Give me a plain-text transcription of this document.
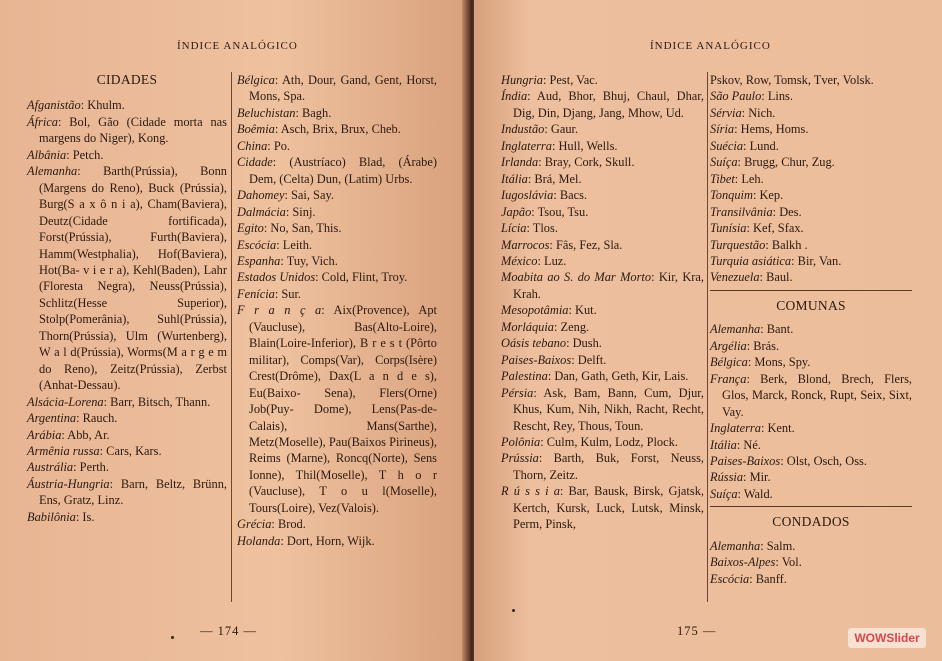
ÍNDICE ANALÓGICO

CIDADES

Afganistão: Khulm.

África: Bol, Gão (Cidade morta nas margens do Niger), Kong.

Albânia: Petch.

Alemanha: Barth(Prússia), Bonn (Margens do Reno), Buck (Prússia), Burg(S a x ô n i a), Cham(Baviera), Deutz(Cidade fortificada), Forst(Prússia), Furth(Baviera), Hamm(Westphalia), Hof(Baviera), Hot(Ba- v i e r a), Kehl(Baden), Lahr (Floresta Negra), Neuss(Prússia), Schlitz(Hesse Superior), Stolp(Pomerânia), Suhl(Prússia), Thorn(Prússia), Ulm (Wurtenberg), W a l d(Prússia), Worms(M a r g e m do Reno), Zeitz(Prússia), Zerbst (Anhat-Dessau).

Alsácia-Lorena: Barr, Bitsch, Thann.

Argentina: Rauch.

Arábia: Abb, Ar.

Armênia russa: Cars, Kars.

Austrália: Perth.

Áustria-Hungria: Barn, Beltz, Brünn, Ens, Gratz, Linz.

Babilônia: Is.

Bélgica: Ath, Dour, Gand, Gent, Horst, Mons, Spa.

Beluchistan: Bagh.

Boêmia: Asch, Brix, Brux, Cheb.

China: Po.

Cidade: (Austríaco) Blad, (Árabe) Dem, (Celta) Dun, (Latim) Urbs.

Dahomey: Sai, Say.

Dalmácia: Sinj.

Egito: No, San, This.

Escócia: Leith.

Espanha: Tuy, Vich.

Estados Unidos: Cold, Flint, Troy.

Fenícia: Sur.

F r a n ç a: Aix(Provence), Apt (Vaucluse), Bas(Alto-Loire), Blain(Loire-Inferior), B r e s t (Pôrto militar), Comps(Var), Corps(Isère) Crest(Drôme), Dax(L a n d e s), Eu(Baixo- Sena), Flers(Orne) Job(Puy- Dome), Lens(Pas-de-Calais), Mans(Sarthe), Metz(Moselle), Pau(Baixos Pirineus), Reims (Marne), Roncq(Norte), Sens Ionne), Thil(Moselle), T h o r (Vaucluse), T o u l(Moselle), Tours(Loire), Vez(Valois).

Grécia: Brod.

Holanda: Dort, Horn, Wijk.

— 174 —
ÍNDICE ANALÓGICO

Hungria: Pest, Vac.

Índia: Aud, Bhor, Bhuj, Chaul, Dhar, Dig, Din, Djang, Jang, Mhow, Ud.

Industão: Gaur.

Inglaterra: Hull, Wells.

Irlanda: Bray, Cork, Skull.

Itália: Brá, Mel.

Iugoslávia: Bacs.

Japão: Tsou, Tsu.

Lícia: Tlos.

Marrocos: Fâs, Fez, Sla.

México: Luz.

Moabita ao S. do Mar Morto: Kir, Kra, Krah.

Mesopotâmia: Kut.

Morláquia: Zeng.

Oásis tebano: Dush.

Paises-Baixos: Delft.

Palestina: Dan, Gath, Geth, Kir, Lais.

Pérsia: Ask, Bam, Bann, Cum, Djur, Khus, Kum, Nih, Nikh, Racht, Recht, Rescht, Rey, Thous, Toun.

Polônia: Culm, Kulm, Lodz, Plock.

Prússia: Barth, Buk, Forst, Neuss, Thorn, Zeitz.

R ú s s i a: Bar, Bausk, Birsk, Gjatsk, Kertch, Kursk, Luck, Lutsk, Minsk, Perm, Pinsk,

Pskov, Row, Tomsk, Tver, Volsk.

São Paulo: Lins.

Sérvia: Nich.

Síria: Hems, Homs.

Suécia: Lund.

Suíça: Brugg, Chur, Zug.

Tibet: Leh.

Tonquim: Kep.

Transilvânia: Des.

Tunísia: Kef, Sfax.

Turquestão: Balkh .

Turquia asiática: Bir, Van.

Venezuela: Baul.

COMUNAS

Alemanha: Bant.

Argélia: Brás.

Bélgica: Mons, Spy.

França: Berk, Blond, Brech, Flers, Glos, Marck, Ronck, Rupt, Seix, Sixt, Vay.

Inglaterra: Kent.

Itália: Né.

Paises-Baixos: Olst, Osch, Oss.

Rússia: Mir.

Suíça: Wald.

CONDADOS

Alemanha: Salm.

Baixos-Alpes: Vol.

Escócia: Banff.

175 —	WOWSlider
